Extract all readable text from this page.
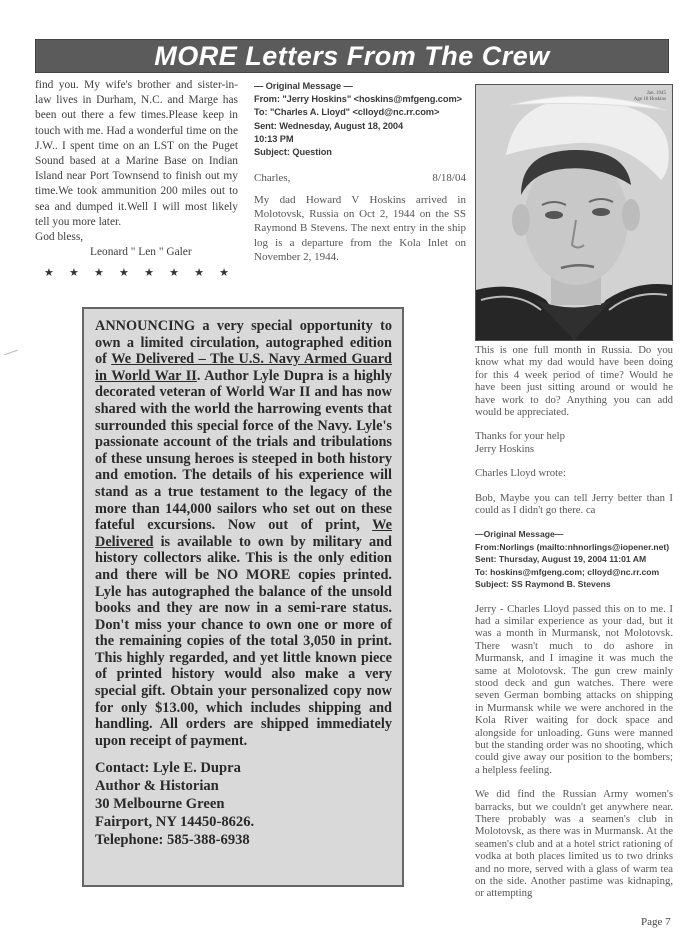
MORE Letters From The Crew
find you. My wife's brother and sister-in-law lives in Durham, N.C. and Marge has been out there a few times.Please keep in touch with me. Had a wonderful time on the J.W.. I spent time on an LST on the Puget Sound based at a Marine Base on Indian Island near Port Townsend to finish out my time.We took ammunition 200 miles out to sea and dumped it.Well I will most likely tell you more later.
God bless,
Leonard " Len " Galer
★ ★ ★ ★ ★ ★ ★ ★
— Original Message —
From: "Jerry Hoskins" <hoskins@mfgeng.com>
To: "Charles A. Lloyd" <clloyd@nc.rr.com>
Sent: Wednesday, August 18, 2004
10:13 PM
Subject: Question
Charles,	8/18/04
My dad Howard V Hoskins arrived in Molotovsk, Russia on Oct 2, 1944 on the SS Raymond B Stevens. The next entry in the ship log is a departure from the Kola Inlet on November 2, 1944.
Jan. 1945
Age 18 Hoskins

This is one full month in Russia. Do you know what my dad would have been doing for this 4 week period of time? Would he have been just sitting around or would he have work to do? Anything you can add would be appreciated.

Thanks for your help
Jerry Hoskins

Charles Lloyd wrote:

Bob, Maybe you can tell Jerry better than I could as I didn't go there. ca

—Original Message—
From:Norlings (mailto:nhnorlings@iopener.net)
Sent: Thursday, August 19, 2004 11:01 AM
To: hoskins@mfgeng.com; clloyd@nc.rr.com
Subject: SS Raymond B. Stevens

Jerry - Charles Lloyd passed this on to me. I had a similar experience as your dad, but it was a month in Murmansk, not Molotovsk. There wasn't much to do ashore in Murmansk, and I imagine it was much the same at Molotovsk. The gun crew mainly stood deck and gun watches. There were seven German bombing attacks on shipping in Murmansk while we were anchored in the Kola River waiting for dock space and alongside for unloading. Guns were manned but the standing order was no shooting, which could give away our position to the bombers; a helpless feeling.

We did find the Russian Army women's barracks, but we couldn't get anywhere near. There probably was a seamen's club in Molotovsk, as there was in Murmansk. At the seamen's club and at a hotel strict rationing of vodka at both places limited us to two drinks and no more, served with a glass of warm tea on the side. Another pastime was kidnaping, or attempting

ANNOUNCING a very special opportunity to own a limited circulation, autographed edition of We Delivered – The U.S. Navy Armed Guard in World War II. Author Lyle Dupra is a highly decorated veteran of World War II and has now shared with the world the harrowing events that surrounded this special force of the Navy. Lyle's passionate account of the trials and tribulations of these unsung heroes is steeped in both history and emotion. The details of his experience will stand as a true testament to the legacy of the more than 144,000 sailors who set out on these fateful excursions. Now out of print, We Delivered is available to own by military and history collectors alike. This is the only edition and there will be NO MORE copies printed. Lyle has autographed the balance of the unsold books and they are now in a semi-rare status. Don't miss your chance to own one or more of the remaining copies of the total 3,050 in print. This highly regarded, and yet little known piece of printed history would also make a very special gift. Obtain your personalized copy now for only $13.00, which includes shipping and handling. All orders are shipped immediately upon receipt of payment.
Contact: Lyle E. Dupra
Author & Historian
30 Melbourne Green
Fairport, NY 14450-8626.
Telephone: 585-388-6938
Page 7
